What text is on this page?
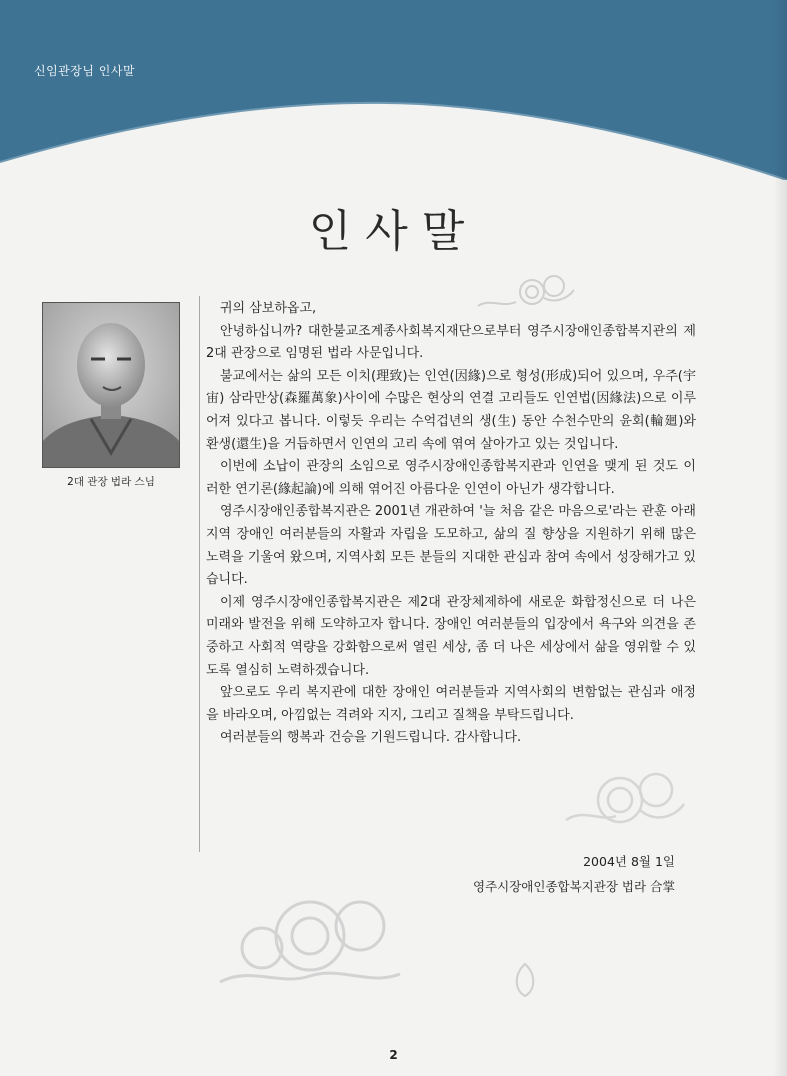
신임관장님 인사말
인사말
2대 관장 법라 스님

귀의 삼보하옵고,

안녕하십니까? 대한불교조계종사회복지재단으로부터 영주시장애인종합복지관의 제2대 관장으로 임명된 법라 사문입니다.

불교에서는 삶의 모든 이치(理致)는 인연(因緣)으로 형성(形成)되어 있으며, 우주(宇宙) 삼라만상(森羅萬象)사이에 수많은 현상의 연결 고리들도 인연법(因緣法)으로 이루어져 있다고 봅니다. 이렇듯 우리는 수억겁년의 생(生) 동안 수천수만의 윤회(輪廻)와 환생(還生)을 거듭하면서 인연의 고리 속에 엮여 살아가고 있는 것입니다.

이번에 소납이 관장의 소임으로 영주시장애인종합복지관과 인연을 맺게 된 것도 이러한 연기론(緣起論)에 의해 엮어진 아름다운 인연이 아닌가 생각합니다.

영주시장애인종합복지관은 2001년 개관하여 '늘 처음 같은 마음으로'라는 관훈 아래 지역 장애인 여러분들의 자활과 자립을 도모하고, 삶의 질 향상을 지원하기 위해 많은 노력을 기울여 왔으며, 지역사회 모든 분들의 지대한 관심과 참여 속에서 성장해가고 있습니다.

이제 영주시장애인종합복지관은 제2대 관장체제하에 새로운 화합정신으로 더 나은 미래와 발전을 위해 도약하고자 합니다. 장애인 여러분들의 입장에서 욕구와 의견을 존중하고 사회적 역량을 강화함으로써 열린 세상, 좀 더 나은 세상에서 삶을 영위할 수 있도록 열심히 노력하겠습니다.

앞으로도 우리 복지관에 대한 장애인 여러분들과 지역사회의 변함없는 관심과 애정을 바라오며, 아낌없는 격려와 지지, 그리고 질책을 부탁드립니다.

여러분들의 행복과 건승을 기원드립니다. 감사합니다.

2004년 8월 1일
영주시장애인종합복지관장 법라 合掌
2
